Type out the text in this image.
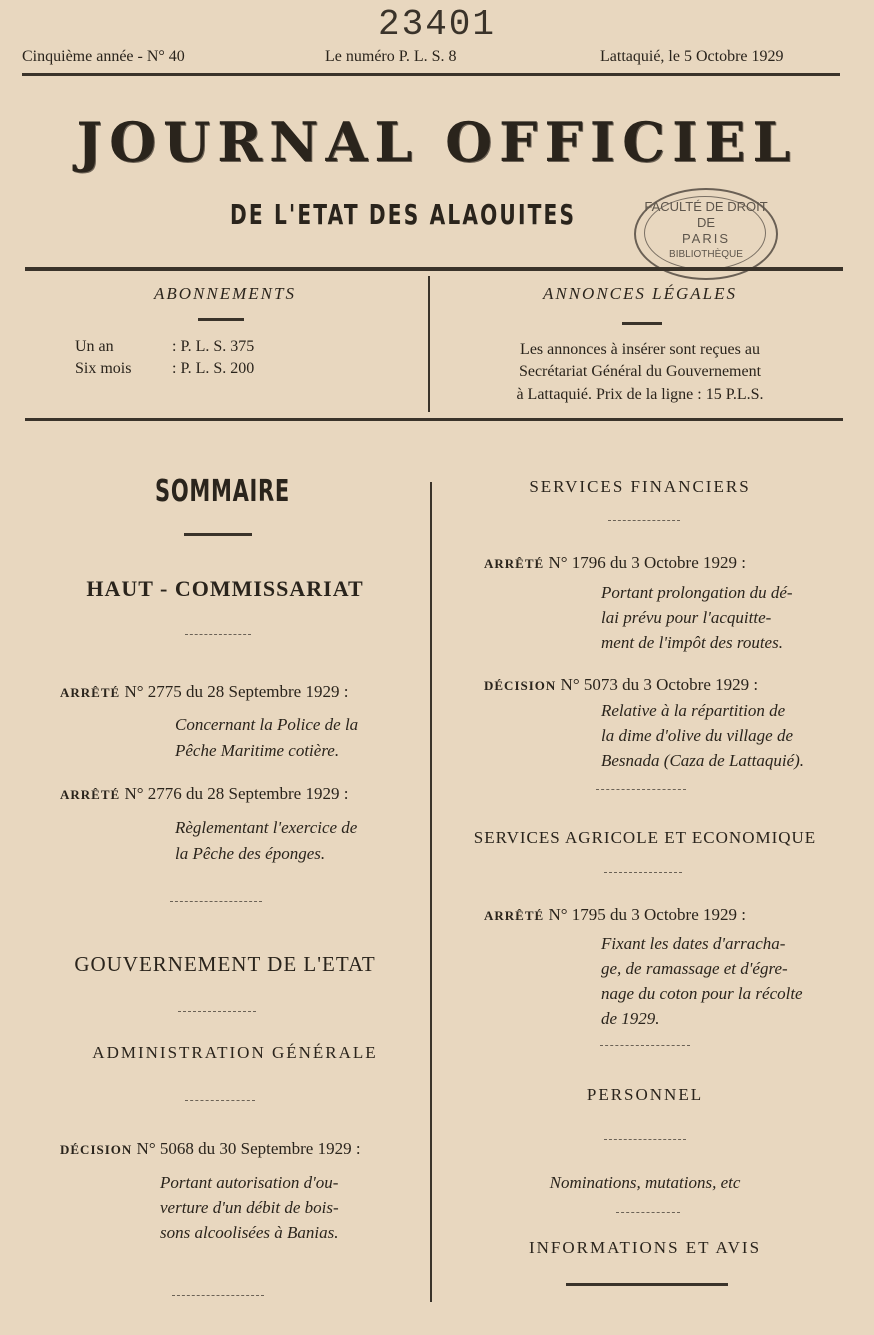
23401
Cinquième année - N° 40	Le numéro P. L. S. 8	Lattaquié, le 5 Octobre 1929
JOURNAL OFFICIEL
DE L'ETAT DES ALAOUITES	FACULTÉ DE DROIT
DE
PARIS
BIBLIOTHÈQUE
ABONNEMENTS
Un an	: P. L. S. 375
Six mois	: P. L. S. 200
ANNONCES LÉGALES
Les annonces à insérer sont reçues au
Secrétariat Général du Gouvernement
à Lattaquié. Prix de la ligne : 15 P.L.S.
SOMMAIRE
HAUT - COMMISSARIAT
ARRÊTÉ N° 2775 du 28 Septembre 1929 :
Concernant la Police de la
Pêche Maritime cotière.
ARRÊTÉ N° 2776 du 28 Septembre 1929 :
Règlementant l'exercice de
la Pêche des éponges.
GOUVERNEMENT DE L'ETAT
ADMINISTRATION GÉNÉRALE
DÉCISION N° 5068 du 30 Septembre 1929 :
Portant autorisation d'ou-
verture d'un débit de bois-
sons alcoolisées à Banias.
SERVICES FINANCIERS
ARRÊTÉ N° 1796 du 3 Octobre 1929 :
Portant prolongation du dé-
lai prévu pour l'acquitte-
ment de l'impôt des routes.
DÉCISION N° 5073 du 3 Octobre 1929 :
Relative à la répartition de
la dime d'olive du village de
Besnada (Caza de Lattaquié).
SERVICES AGRICOLE ET ECONOMIQUE
ARRÊTÉ N° 1795 du 3 Octobre 1929 :
Fixant les dates d'arracha-
ge, de ramassage et d'égre-
nage du coton pour la récolte
de 1929.
PERSONNEL
Nominations, mutations, etc
INFORMATIONS ET AVIS
